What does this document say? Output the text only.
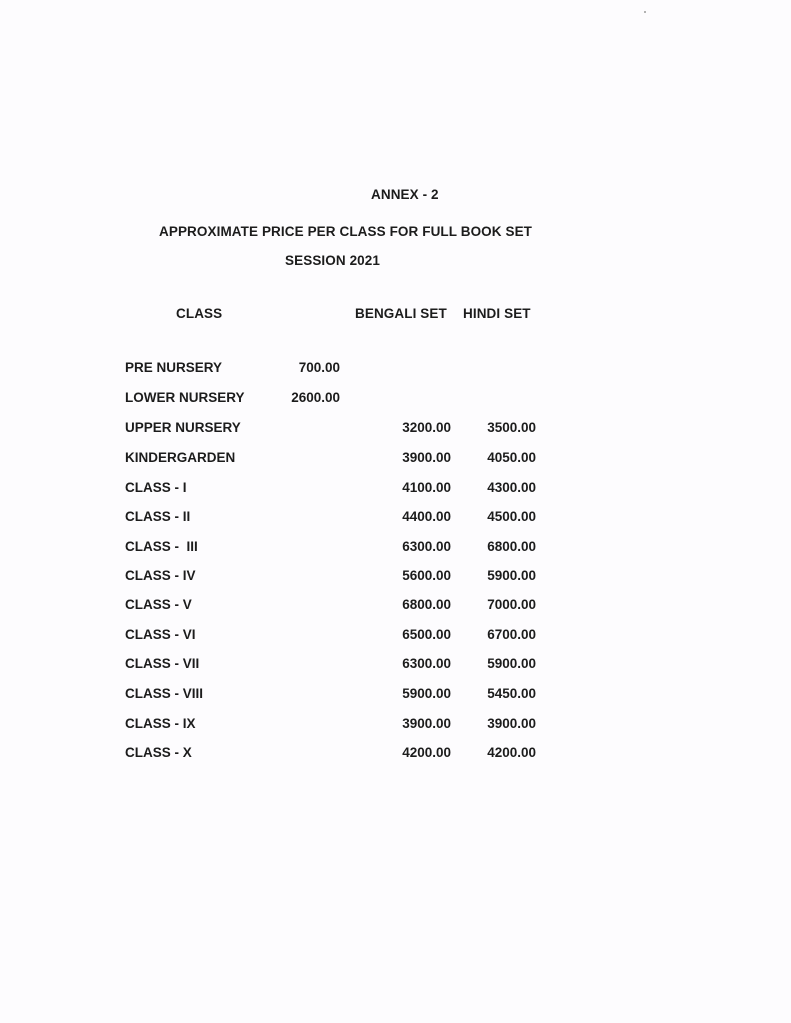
ANNEX - 2
APPROXIMATE PRICE PER CLASS FOR FULL BOOK SET
SESSION 2021
CLASS	BENGALI SET HINDI SET
PRE NURSERY	700.00
LOWER NURSERY	2600.00
UPPER NURSERY	3200.00	3500.00
KINDERGARDEN	3900.00	4050.00
CLASS - I	4100.00	4300.00
CLASS - II	4400.00	4500.00
CLASS -  III	6300.00	6800.00
CLASS - IV	5600.00	5900.00
CLASS - V	6800.00	7000.00
CLASS - VI	6500.00	6700.00
CLASS - VII	6300.00	5900.00
CLASS - VIII	5900.00	5450.00
CLASS - IX	3900.00	3900.00
CLASS - X	4200.00	4200.00
